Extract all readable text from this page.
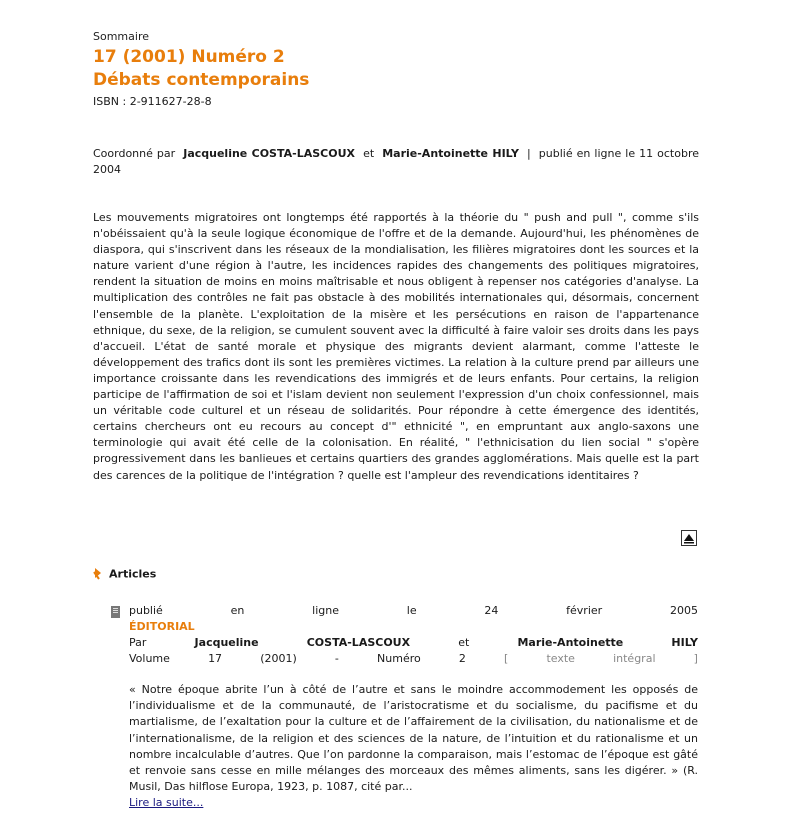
Sommaire
17 (2001) Numéro 2
Débats contemporains
ISBN : 2-911627-28-8
Coordonné par Jacqueline COSTA-LASCOUX et Marie-Antoinette HILY | publié en ligne le 11 octobre 2004
Les mouvements migratoires ont longtemps été rapportés à la théorie du " push and pull ", comme s'ils n'obéissaient qu'à la seule logique économique de l'offre et de la demande. Aujourd'hui, les phénomènes de diaspora, qui s'inscrivent dans les réseaux de la mondialisation, les filières migratoires dont les sources et la nature varient d'une région à l'autre, les incidences rapides des changements des politiques migratoires, rendent la situation de moins en moins maîtrisable et nous obligent à repenser nos catégories d'analyse. La multiplication des contrôles ne fait pas obstacle à des mobilités internationales qui, désormais, concernent l'ensemble de la planète. L'exploitation de la misère et les persécutions en raison de l'appartenance ethnique, du sexe, de la religion, se cumulent souvent avec la difficulté à faire valoir ses droits dans les pays d'accueil. L'état de santé morale et physique des migrants devient alarmant, comme l'atteste le développement des trafics dont ils sont les premières victimes. La relation à la culture prend par ailleurs une importance croissante dans les revendications des immigrés et de leurs enfants. Pour certains, la religion participe de l'affirmation de soi et l'islam devient non seulement l'expression d'un choix confessionnel, mais un véritable code culturel et un réseau de solidarités. Pour répondre à cette émergence des identités, certains chercheurs ont eu recours au concept d'" ethnicité ", en empruntant aux anglo-saxons une terminologie qui avait été celle de la colonisation. En réalité, " l'ethnicisation du lien social " s'opère progressivement dans les banlieues et certains quartiers des grandes agglomérations. Mais quelle est la part des carences de la politique de l'intégration ? quelle est l'ampleur des revendications identitaires ?
Articles
publié	en	ligne	le	24	février	2005
ÉDITORIAL
Par	Jacqueline	COSTA-LASCOUX	et	Marie-Antoinette	HILY
Volume	17	(2001)	-	Numéro	2	[	texte	intégral	]
« Notre époque abrite l’un à côté de l’autre et sans le moindre accommodement les opposés de l’individualisme et de la communauté, de l’aristocratisme et du socialisme, du pacifisme et du martialisme, de l’exaltation pour la culture et de l’affairement de la civilisation, du nationalisme et de l’internationalisme, de la religion et des sciences de la nature, de l’intuition et du rationalisme et un nombre incalculable d’autres. Que l’on pardonne la comparaison, mais l’estomac de l’époque est gâté et renvoie sans cesse en mille mélanges des morceaux des mêmes aliments, sans les digérer. » (R. Musil, Das hilflose Europa, 1923, p. 1087, cité par...
Lire la suite...
